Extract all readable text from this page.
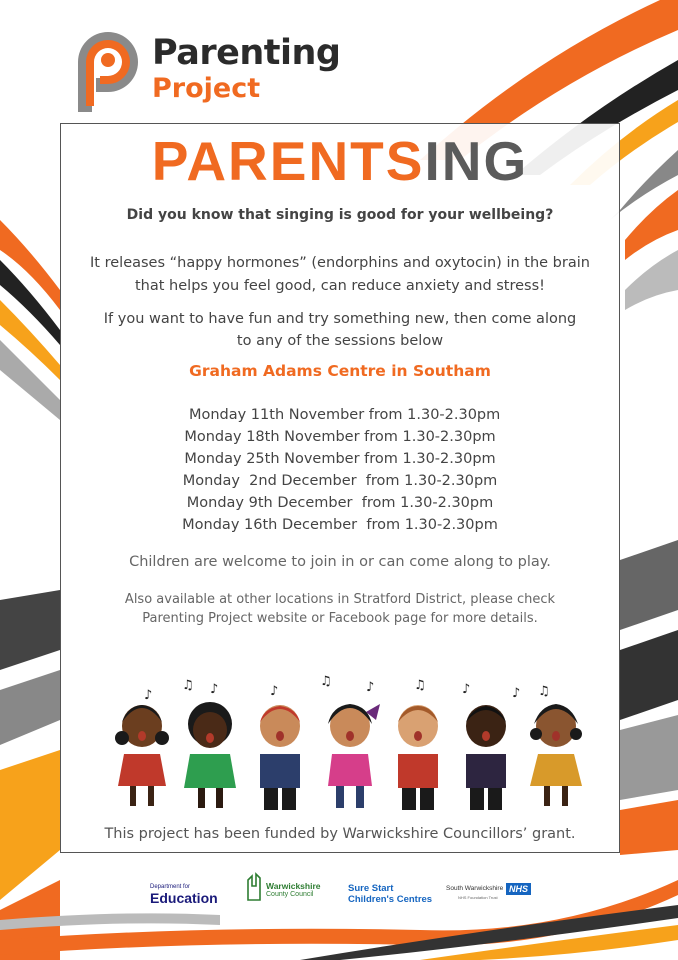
Parenting
Project
PARENTSING
Did you know that singing is good for your wellbeing?
It releases “happy hormones” (endorphins and oxytocin) in the brain
that helps you feel good, can reduce anxiety and stress!
If you want to have fun and try something new, then come along
to any of the sessions below
Graham Adams Centre in Southam
Monday 11th November from 1.30-2.30pm
Monday 18th November from 1.30-2.30pm
Monday 25th November from 1.30-2.30pm
Monday  2nd December  from 1.30-2.30pm
Monday 9th December  from 1.30-2.30pm
Monday 16th December  from 1.30-2.30pm
Children are welcome to join in or can come along to play.
Also available at other locations in Stratford District, please check
Parenting Project website or Facebook page for more details.
This project has been funded by Warwickshire Councillors’ grant.
♪
♫ ♪	♪
♫	♪	♫	♪	♪ ♫
Department for
Education
Warwickshire
County Council
Sure Start
Children's Centres
South Warwickshire NHS
NHS Foundation Trust
